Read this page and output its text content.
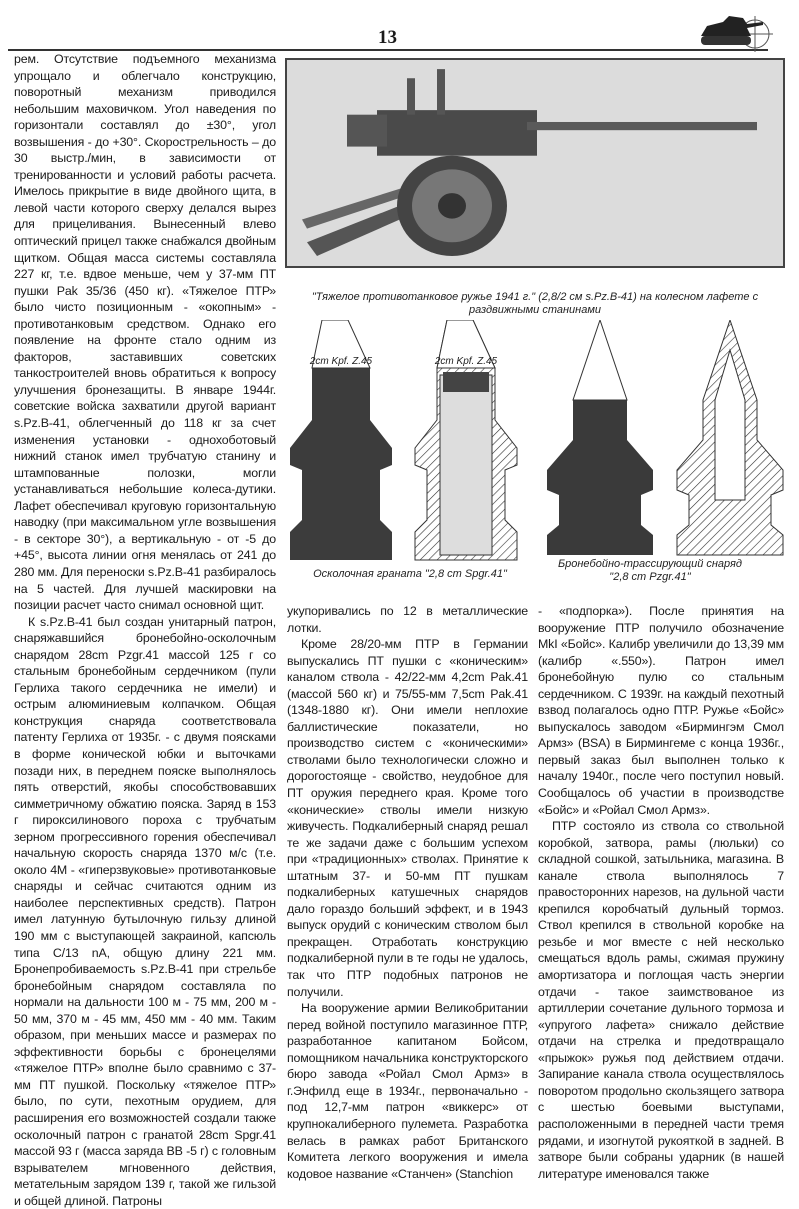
13
"Тяжелое противотанковое ружье 1941 г." (2,8/2 см s.Pz.B-41) на колесном лафете с раздвижными станинами
2cm Kpf. Z.45	2cm Kpf. Z.45
Осколочная граната "2,8 cm Spgr.41"
Бронебойно-трассирующий снаряд
"2,8 cm Pzgr.41"

рем. Отсутствие подъемного механизма упрощало и облегчало конструкцию, поворотный механизм приводился небольшим маховичком. Угол наведения по горизонтали составлял до ±30°, угол возвышения - до +30°. Скорострельность – до 30 выстр./мин, в зависимости от тренированности и условий работы расчета. Имелось прикрытие в виде двойного щита, в левой части которого сверху делался вырез для прицеливания. Вынесенный влево оптический прицел также снабжался двойным щитком. Общая масса системы составляла 227 кг, т.е. вдвое меньше, чем у 37-мм ПТ пушки Pak 35/36 (450 кг). «Тяжелое ПТР» было чисто позиционным - «окопным» - противотанковым средством. Однако его появление на фронте стало одним из факторов, заставивших советских танкостроителей вновь обратиться к вопросу улучшения бронезащиты. В январе 1944г. советские войска захватили другой вариант s.Pz.B-41, облегченный до 118 кг за счет изменения установки - однохоботовый нижний станок имел трубчатую станину и штампованные полозки, могли устанавливаться небольшие колеса-дутики. Лафет обеспечивал круговую горизонтальную наводку (при максимальном угле возвышения - в секторе 30°), а вертикальную - от -5 до +45°, высота линии огня менялась от 241 до 280 мм. Для переноски s.Pz.B-41 разбиралось на 5 частей. Для лучшей маскировки на позиции расчет часто снимал основной щит.

К s.Pz.B-41 был создан унитарный патрон, снаряжавшийся бронебойно-осколочным снарядом 28cm Pzgr.41 массой 125 г со стальным бронебойным сердечником (пули Герлиха такого сердечника не имели) и острым алюминиевым колпачком. Общая конструкция снаряда соответствовала патенту Герлиха от 1935г. - с двумя поясками в форме конической юбки и выточками позади них, в переднем пояске выполнялось пять отверстий, якобы способствовавших симметричному обжатию пояска. Заряд в 153 г пироксилинового пороха с трубчатым зерном прогрессивного горения обеспечивал начальную скорость снаряда 1370 м/с (т.е. около 4М - «гиперзвуковые» противотанковые снаряды и сейчас считаются одним из наиболее перспективных средств). Патрон имел латунную бутылочную гильзу длиной 190 мм с выступающей закраиной, капсюль типа С/13 nA, общую длину 221 мм. Бронепробиваемость s.Pz.B-41 при стрельбе бронебойным снарядом составляла по нормали на дальности 100 м - 75 мм, 200 м - 50 мм, 370 м - 45 мм, 450 мм - 40 мм. Таким образом, при меньших массе и размерах по эффективности борьбы с бронецелями «тяжелое ПТР» вполне было сравнимо с 37-мм ПТ пушкой. Поскольку «тяжелое ПТР» было, по сути, пехотным орудием, для расширения его возможностей создали также осколочный патрон с гранатой 28cm Spgr.41 массой 93 г (масса заряда ВВ -5 г) с головным взрывателем мгновенного действия, метательным зарядом 139 г, такой же гильзой и общей длиной. Патроны

укупоривались по 12 в металлические лотки.

Кроме 28/20-мм ПТР в Германии выпускались ПТ пушки с «коническим» каналом ствола - 42/22-мм 4,2cm Pak.41 (массой 560 кг) и 75/55-мм 7,5cm Pak.41 (1348-1880 кг). Они имели неплохие баллистические показатели, но производство систем с «коническими» стволами было технологически сложно и дорогостояще - свойство, неудобное для ПТ оружия переднего края. Кроме того «конические» стволы имели низкую живучесть. Подкалиберный снаряд решал те же задачи даже с большим успехом при «традиционных» стволах. Принятие к штатным 37- и 50-мм ПТ пушкам подкалиберных катушечных снарядов дало гораздо больший эффект, и в 1943 выпуск орудий с коническим стволом был прекращен. Отработать конструкцию подкалиберной пули в те годы не удалось, так что ПТР подобных патронов не получили.

На вооружение армии Великобритании перед войной поступило магазинное ПТР, разработанное капитаном Бойсом, помощником начальника конструкторского бюро завода «Ройал Смол Армз» в г.Энфилд еще в 1934г., первоначально - под 12,7-мм патрон «виккерс» от крупнокалиберного пулемета. Разработка велась в рамках работ Британского Комитета легкого вооружения и имела кодовое название «Станчен» (Stanchion

- «подпорка»). После принятия на вооружение ПТР получило обозначение MkI «Бойс». Калибр увеличили до 13,39 мм (калибр «.550»). Патрон имел бронебойную пулю со стальным сердечником. С 1939г. на каждый пехотный взвод полагалось одно ПТР. Ружье «Бойс» выпускалось заводом «Бирмингэм Смол Армз» (BSA) в Бирмингеме с конца 1936г., первый заказ был выполнен только к началу 1940г., после чего поступил новый. Сообщалось об участии в производстве «Бойс» и «Ройал Смол Армз».

ПТР состояло из ствола со ствольной коробкой, затвора, рамы (люльки) со складной сошкой, затыльника, магазина. В канале ствола выполнялось 7 правосторонних нарезов, на дульной части крепился коробчатый дульный тормоз. Ствол крепился в ствольной коробке на резьбе и мог вместе с ней несколько смещаться вдоль рамы, сжимая пружину амортизатора и поглощая часть энергии отдачи - такое заимствованое из артиллерии сочетание дульного тормоза и «упругого лафета» снижало действие отдачи на стрелка и предотвращало «прыжок» ружья под действием отдачи. Запирание канала ствола осуществлялось поворотом продольно скользящего затвора с шестью боевыми выступами, расположенными в передней части тремя рядами, и изогнутой рукояткой в задней. В затворе были собраны ударник (в нашей литературе именовался также
